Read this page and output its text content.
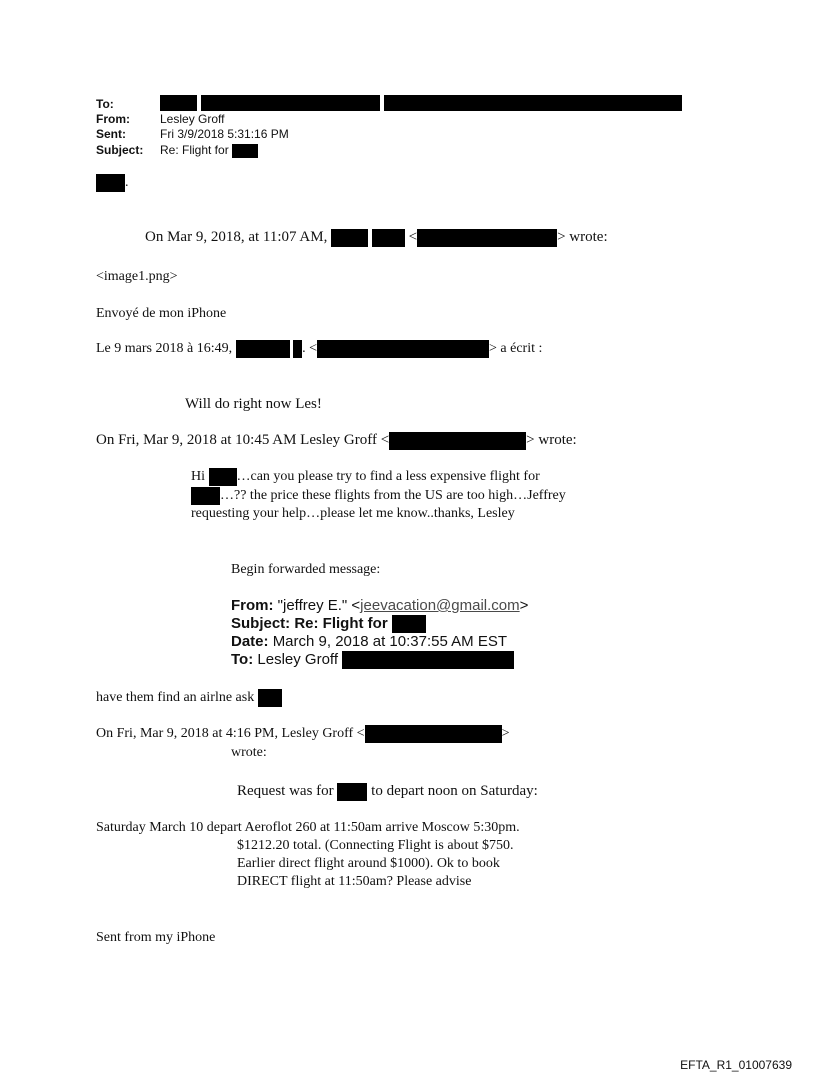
To:
From:	Lesley Groff
Sent:	Fri 3/9/2018 5:31:16 PM
Subject: Re: Flight for
.
On Mar 9, 2018, at 11:07 AM,	<	> wrote:
<image1.png>
Envoyé de mon iPhone
Le 9 mars 2018 à 16:49,	. <	> a écrit :
Will do right now Les!
On Fri, Mar 9, 2018 at 10:45 AM Lesley Groff <	> wrote:
Hi …can you please try to find a less expensive flight for
…?? the price these flights from the US are too high…Jeffrey
requesting your help…please let me know..thanks, Lesley
Begin forwarded message:
From: "jeffrey E." <jeevacation@gmail.com>
Subject: Re: Flight for
Date: March 9, 2018 at 10:37:55 AM EST
To: Lesley Groff
have them find an airlne ask
On Fri, Mar 9, 2018 at 4:16 PM, Lesley Groff <	>
wrote:
Request was for	to depart noon on Saturday:
Saturday March 10 depart Aeroflot 260 at 11:50am arrive Moscow 5:30pm.
$1212.20 total. (Connecting Flight is about $750.
Earlier direct flight around $1000). Ok to book
DIRECT flight at 11:50am? Please advise
Sent from my iPhone
EFTA_R1_01007639
